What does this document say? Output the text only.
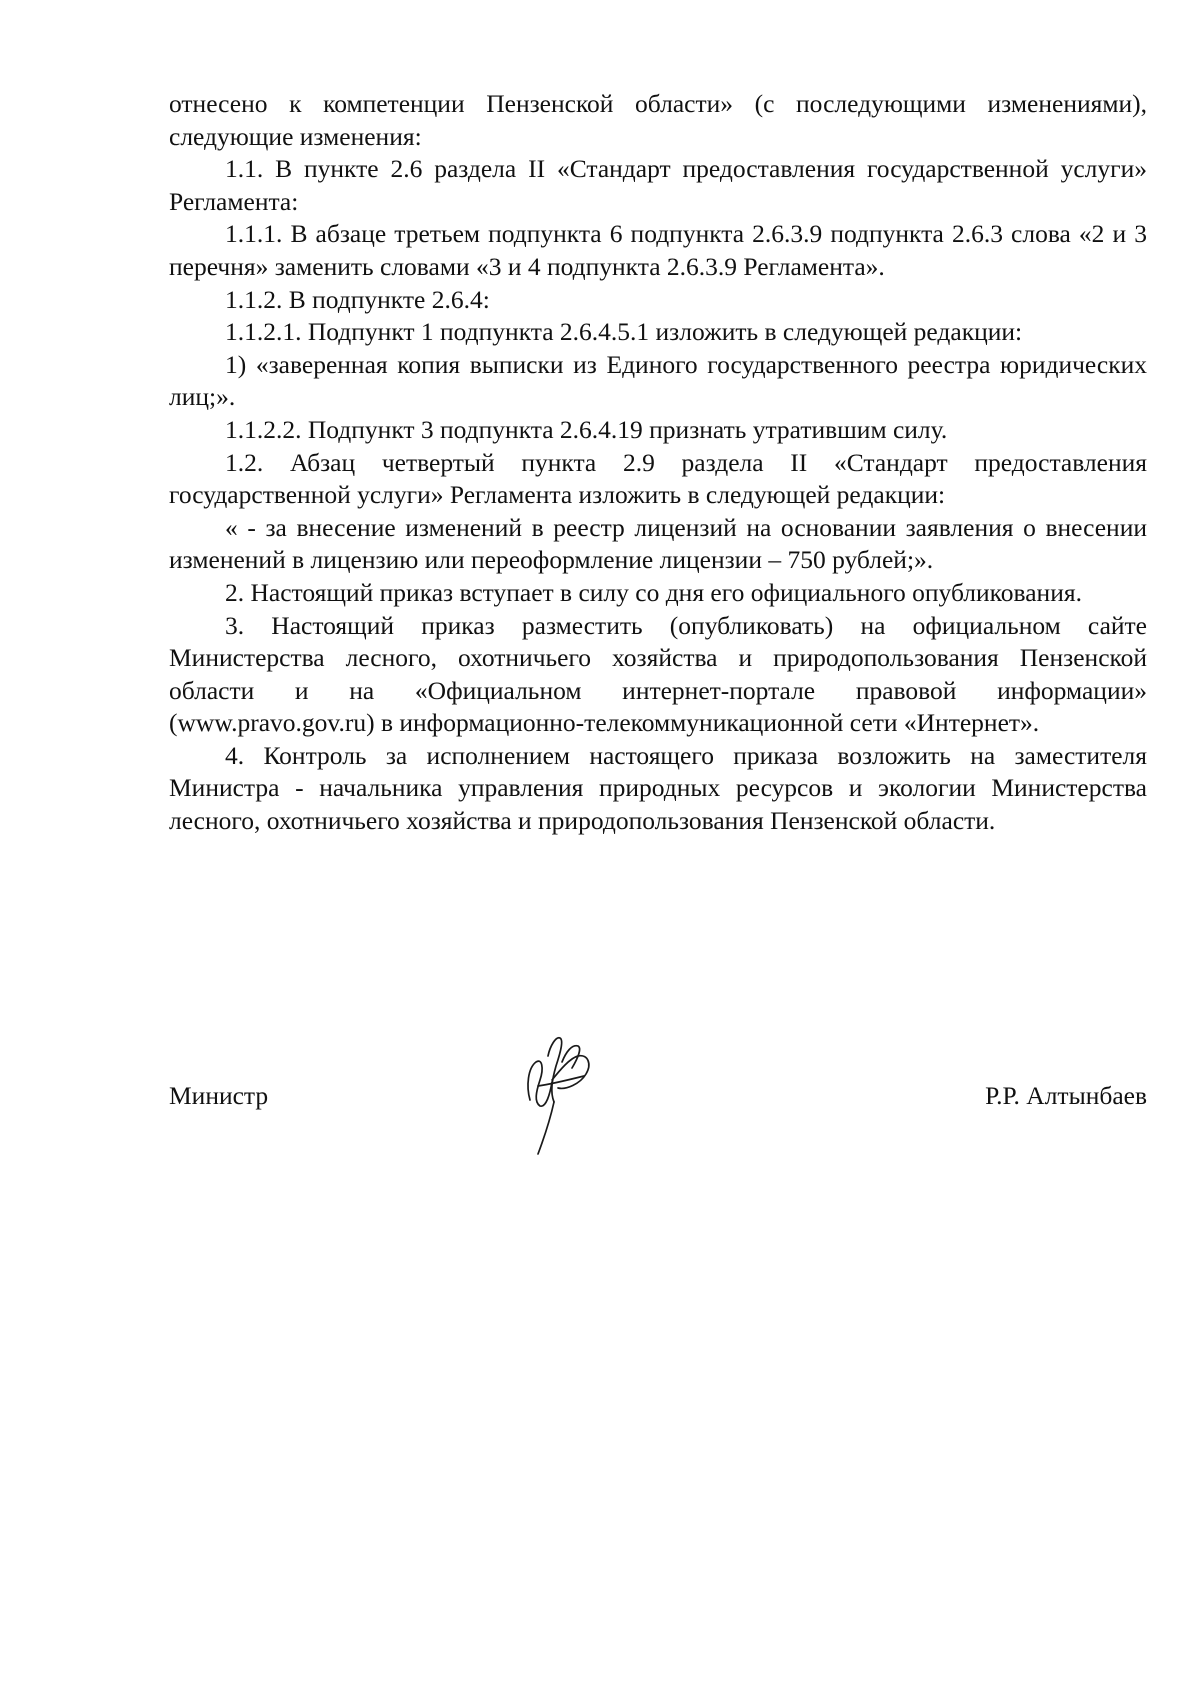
отнесено к компетенции Пензенской области» (с последующими изменениями), следующие изменения:

1.1. В пункте 2.6 раздела II «Стандарт предоставления государственной услуги» Регламента:

1.1.1. В абзаце третьем подпункта 6 подпункта 2.6.3.9 подпункта 2.6.3 слова «2 и 3 перечня» заменить словами «3 и 4 подпункта 2.6.3.9 Регламента».

1.1.2. В подпункте 2.6.4:

1.1.2.1. Подпункт 1 подпункта 2.6.4.5.1 изложить в следующей редакции:

1) «заверенная копия выписки из Единого государственного реестра юридических лиц;».

1.1.2.2. Подпункт 3 подпункта 2.6.4.19 признать утратившим силу.

1.2. Абзац четвертый пункта 2.9 раздела II «Стандарт предоставления государственной услуги» Регламента изложить в следующей редакции:

« - за внесение изменений в реестр лицензий на основании заявления о внесении изменений в лицензию или переоформление лицензии – 750 рублей;».

2. Настоящий приказ вступает в силу со дня его официального опубликования.

3. Настоящий приказ разместить (опубликовать) на официальном сайте Министерства лесного, охотничьего хозяйства и природопользования Пензенской области и на «Официальном интернет-портале правовой информации» (www.pravo.gov.ru) в информационно-телекоммуникационной сети «Интернет».

4. Контроль за исполнением настоящего приказа возложить на заместителя Министра - начальника управления природных ресурсов и экологии Министерства лесного, охотничьего хозяйства и природопользования Пензенской области.

Министр	Р.Р. Алтынбаев
